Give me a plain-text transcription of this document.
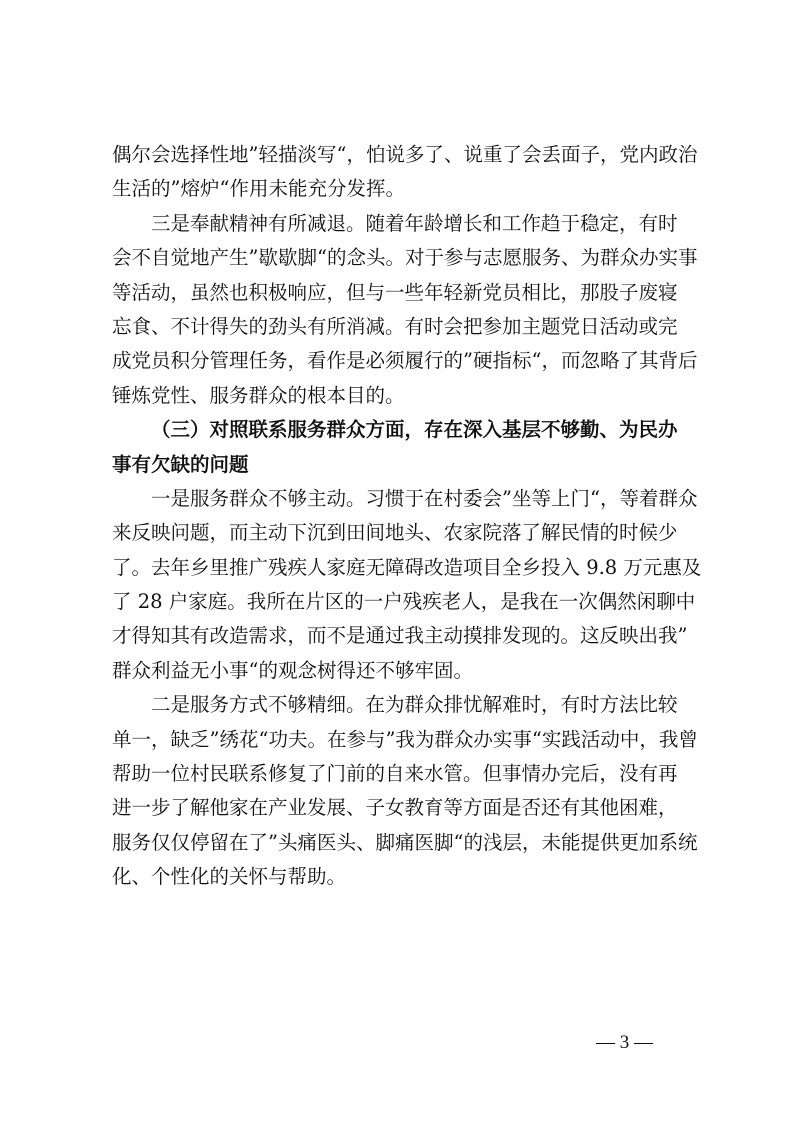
偶尔会选择性地”轻描淡写“，怕说多了、说重了会丢面子，党内政治
生活的”熔炉“作用未能充分发挥。
三是奉献精神有所减退。随着年龄增长和工作趋于稳定，有时
会不自觉地产生”歇歇脚“的念头。对于参与志愿服务、为群众办实事
等活动，虽然也积极响应，但与一些年轻新党员相比，那股子废寝
忘食、不计得失的劲头有所消减。有时会把参加主题党日活动或完
成党员积分管理任务，看作是必须履行的”硬指标“，而忽略了其背后
锤炼党性、服务群众的根本目的。
（三）对照联系服务群众方面，存在深入基层不够勤、为民办
事有欠缺的问题
一是服务群众不够主动。习惯于在村委会”坐等上门“，等着群众
来反映问题，而主动下沉到田间地头、农家院落了解民情的时候少
了。去年乡里推广残疾人家庭无障碍改造项目全乡投入 9.8 万元惠及
了 28 户家庭。我所在片区的一户残疾老人，是我在一次偶然闲聊中
才得知其有改造需求，而不是通过我主动摸排发现的。这反映出我”
群众利益无小事“的观念树得还不够牢固。
二是服务方式不够精细。在为群众排忧解难时，有时方法比较
单一，缺乏”绣花“功夫。在参与”我为群众办实事“实践活动中，我曾
帮助一位村民联系修复了门前的自来水管。但事情办完后，没有再
进一步了解他家在产业发展、子女教育等方面是否还有其他困难，
服务仅仅停留在了”头痛医头、脚痛医脚“的浅层，未能提供更加系统
化、个性化的关怀与帮助。
— 3 —
